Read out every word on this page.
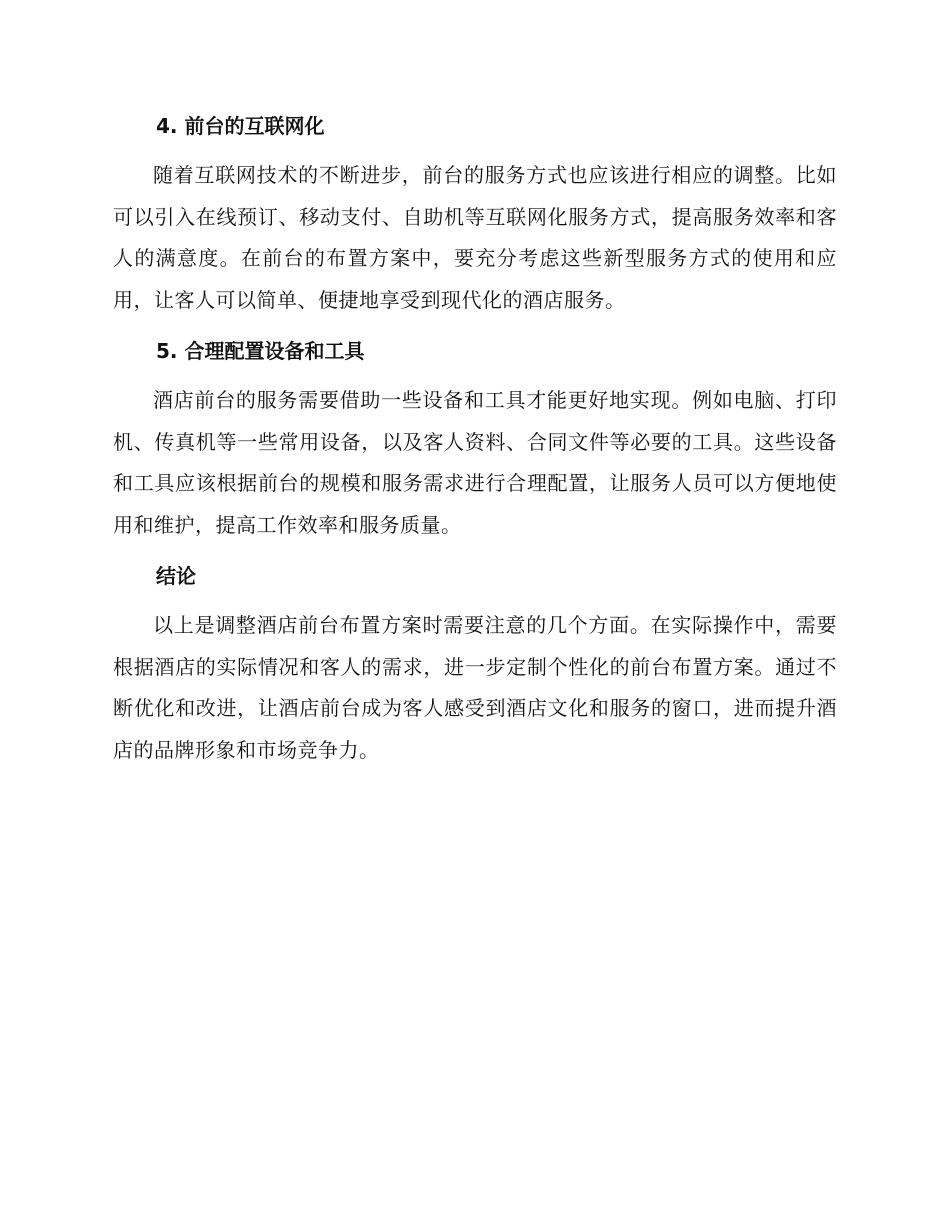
4. 前台的互联网化

随着互联网技术的不断进步，前台的服务方式也应该进行相应的调整。比如可以引入在线预订、移动支付、自助机等互联网化服务方式，提高服务效率和客人的满意度。在前台的布置方案中，要充分考虑这些新型服务方式的使用和应用，让客人可以简单、便捷地享受到现代化的酒店服务。

5. 合理配置设备和工具

酒店前台的服务需要借助一些设备和工具才能更好地实现。例如电脑、打印机、传真机等一些常用设备，以及客人资料、合同文件等必要的工具。这些设备和工具应该根据前台的规模和服务需求进行合理配置，让服务人员可以方便地使用和维护，提高工作效率和服务质量。

结论

以上是调整酒店前台布置方案时需要注意的几个方面。在实际操作中，需要根据酒店的实际情况和客人的需求，进一步定制个性化的前台布置方案。通过不断优化和改进，让酒店前台成为客人感受到酒店文化和服务的窗口，进而提升酒店的品牌形象和市场竞争力。
